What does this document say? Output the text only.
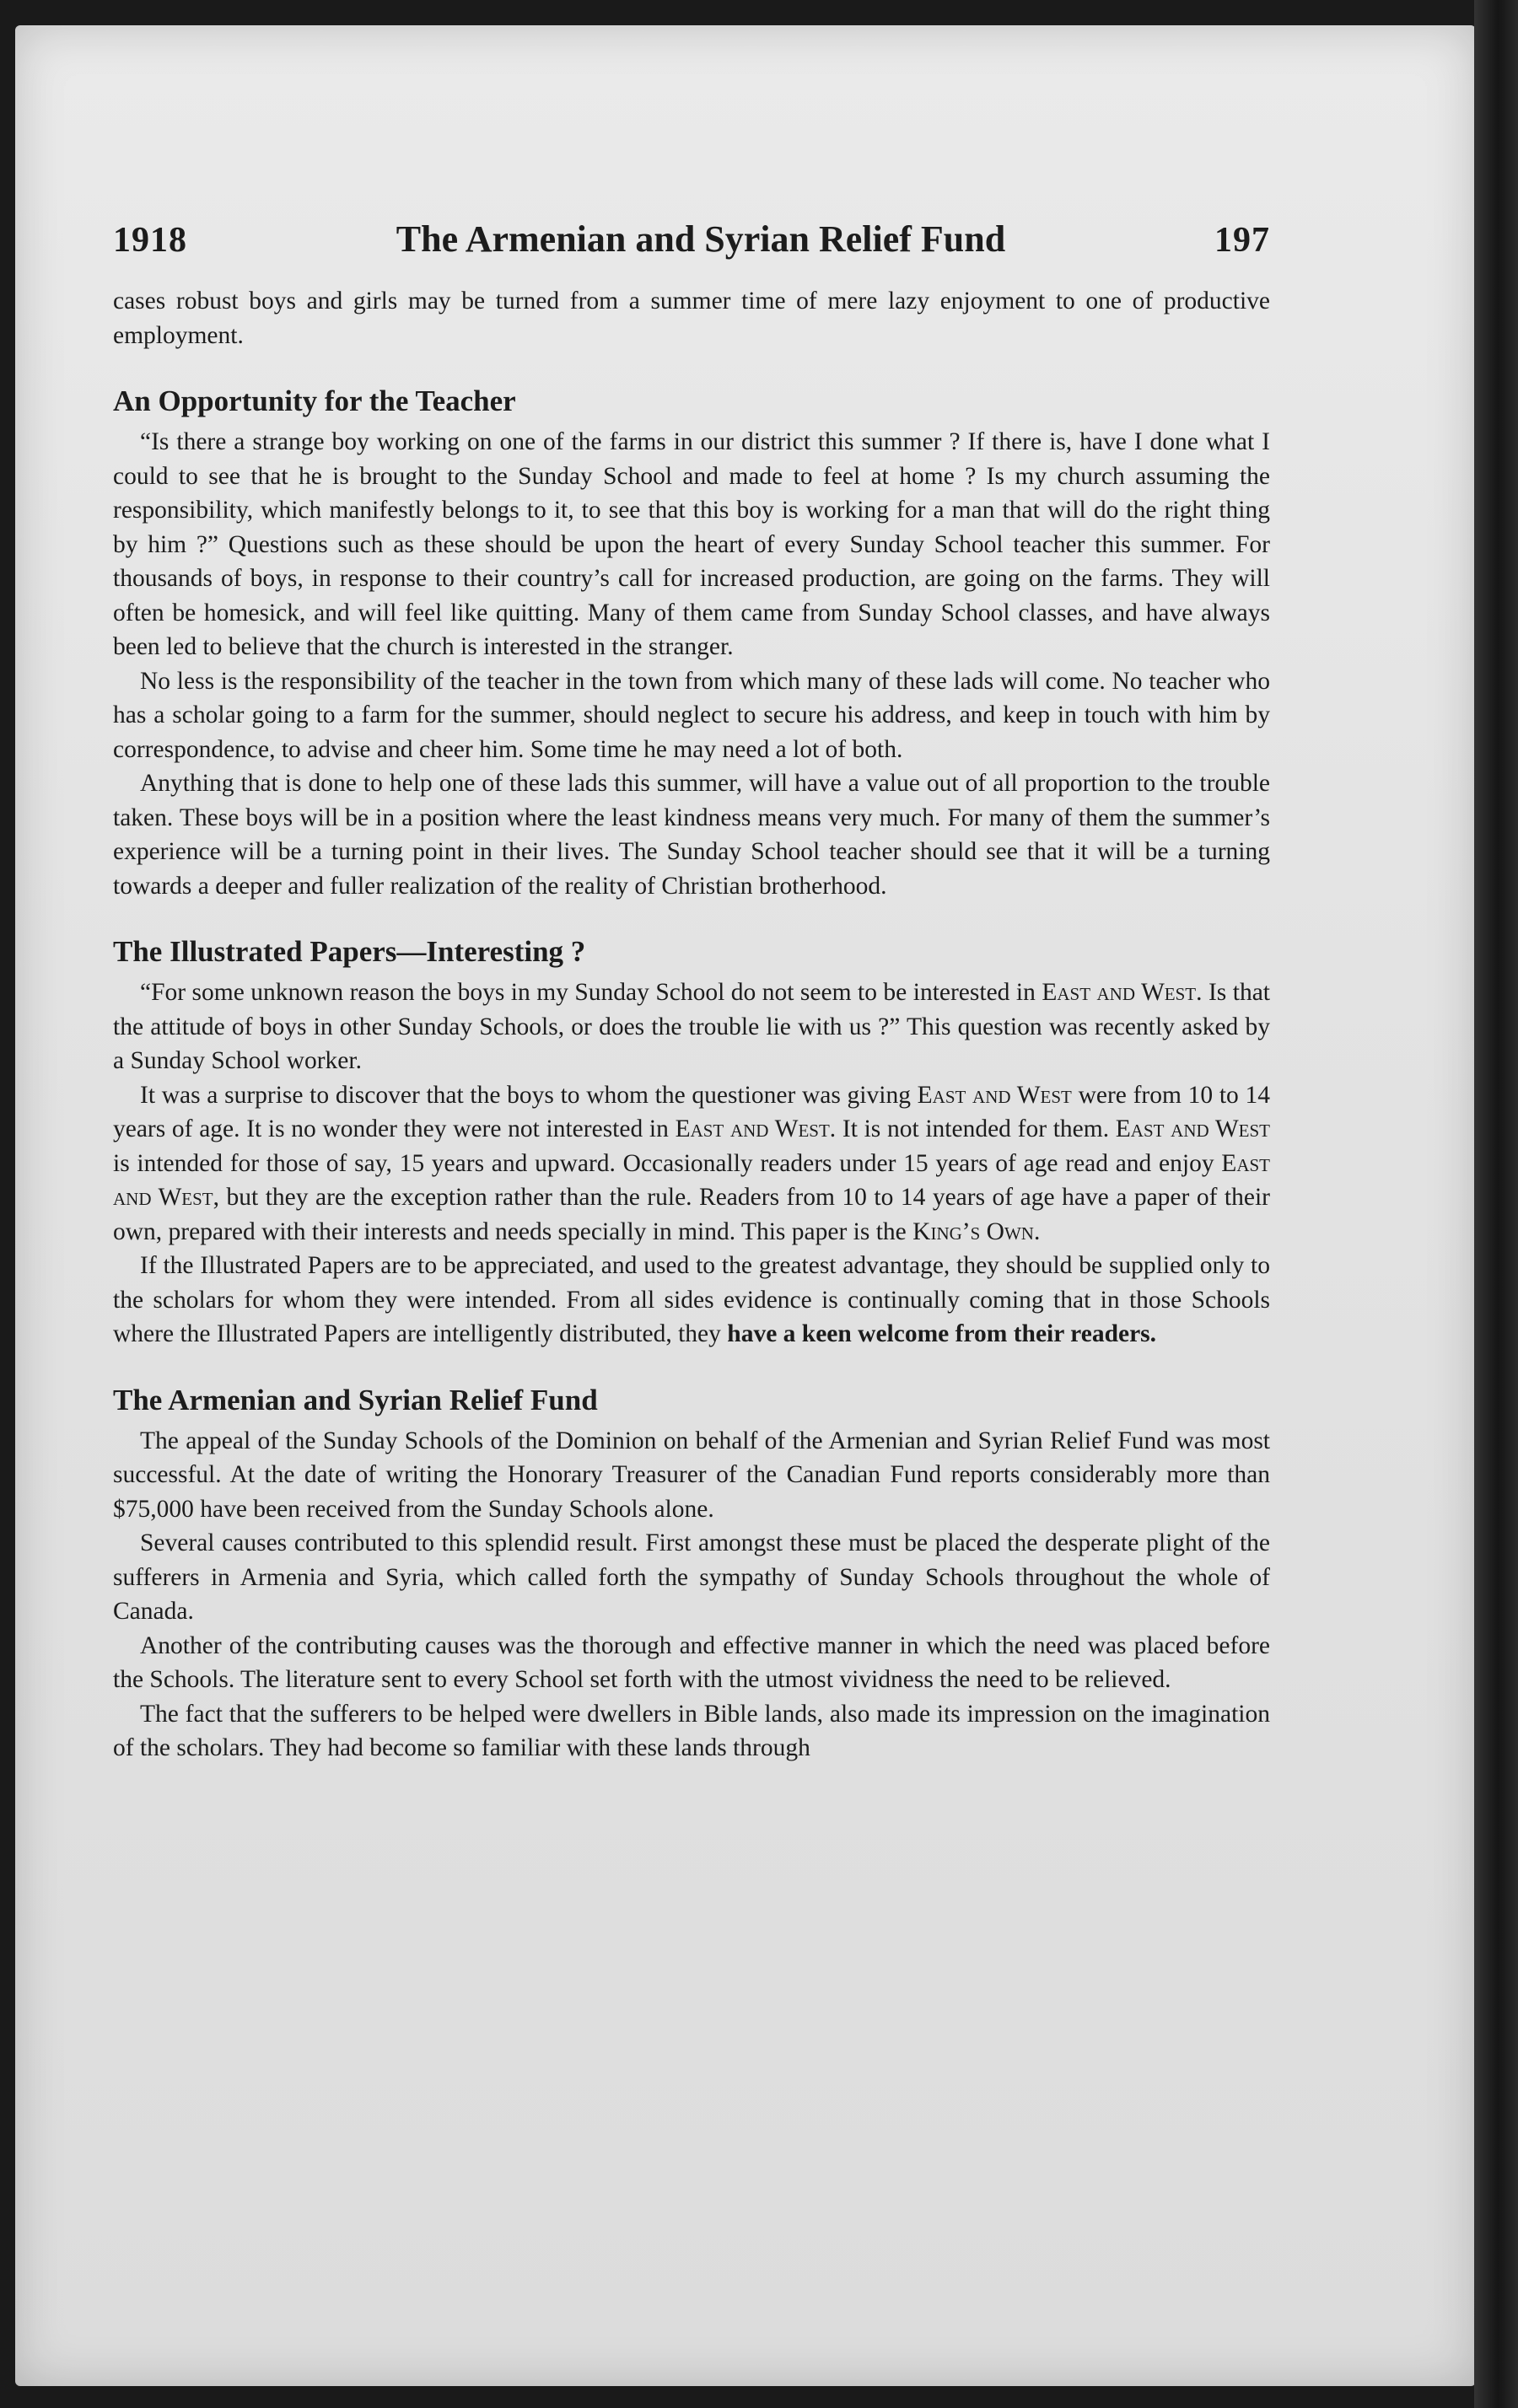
1918	The Armenian and Syrian Relief Fund	197

cases robust boys and girls may be turned from a summer time of mere lazy enjoyment to one of productive employment.

An Opportunity for the Teacher

“Is there a strange boy working on one of the farms in our district this summer ? If there is, have I done what I could to see that he is brought to the Sunday School and made to feel at home ? Is my church assuming the responsibility, which manifestly belongs to it, to see that this boy is working for a man that will do the right thing by him ?” Questions such as these should be upon the heart of every Sunday School teacher this summer. For thousands of boys, in response to their country’s call for increased production, are going on the farms. They will often be homesick, and will feel like quitting. Many of them came from Sunday School classes, and have always been led to believe that the church is interested in the stranger.

No less is the responsibility of the teacher in the town from which many of these lads will come. No teacher who has a scholar going to a farm for the summer, should neglect to secure his address, and keep in touch with him by correspondence, to advise and cheer him. Some time he may need a lot of both.

Anything that is done to help one of these lads this summer, will have a value out of all proportion to the trouble taken. These boys will be in a position where the least kindness means very much. For many of them the summer’s experience will be a turning point in their lives. The Sunday School teacher should see that it will be a turning towards a deeper and fuller realization of the reality of Christian brotherhood.

The Illustrated Papers—Interesting ?

“For some unknown reason the boys in my Sunday School do not seem to be interested in East and West. Is that the attitude of boys in other Sunday Schools, or does the trouble lie with us ?” This question was recently asked by a Sunday School worker.

It was a surprise to discover that the boys to whom the questioner was giving East and West were from 10 to 14 years of age. It is no wonder they were not interested in East and West. It is not intended for them. East and West is intended for those of say, 15 years and upward. Occasionally readers under 15 years of age read and enjoy East and West, but they are the exception rather than the rule. Readers from 10 to 14 years of age have a paper of their own, prepared with their interests and needs specially in mind. This paper is the King’s Own.

If the Illustrated Papers are to be appreciated, and used to the greatest advantage, they should be supplied only to the scholars for whom they were intended. From all sides evidence is continually coming that in those Schools where the Illustrated Papers are intelligently distributed, they have a keen welcome from their readers.

The Armenian and Syrian Relief Fund

The appeal of the Sunday Schools of the Dominion on behalf of the Armenian and Syrian Relief Fund was most successful. At the date of writing the Honorary Treasurer of the Canadian Fund reports considerably more than $75,000 have been received from the Sunday Schools alone.

Several causes contributed to this splendid result. First amongst these must be placed the desperate plight of the sufferers in Armenia and Syria, which called forth the sympathy of Sunday Schools throughout the whole of Canada.

Another of the contributing causes was the thorough and effective manner in which the need was placed before the Schools. The literature sent to every School set forth with the utmost vividness the need to be relieved.

The fact that the sufferers to be helped were dwellers in Bible lands, also made its impression on the imagination of the scholars. They had become so familiar with these lands through
